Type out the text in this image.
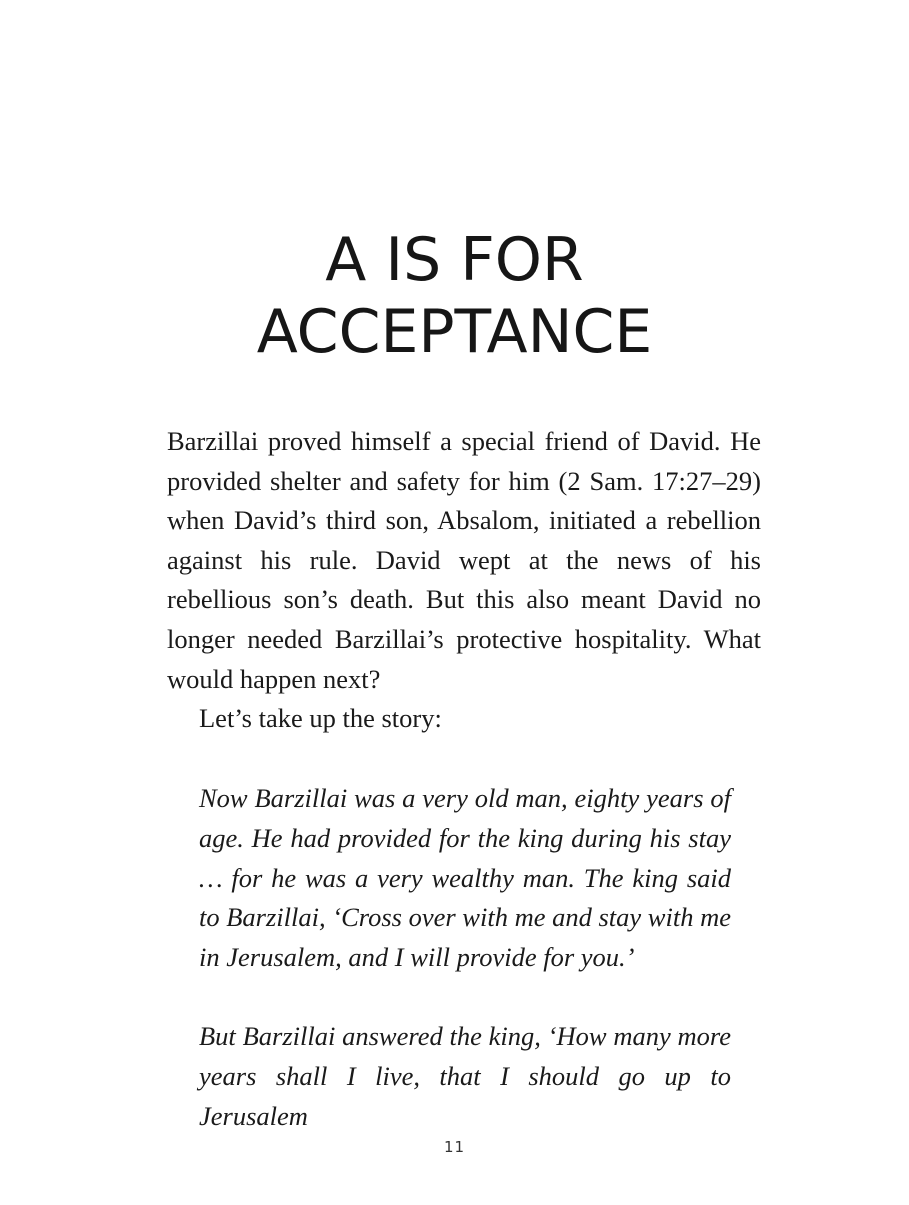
A IS FOR
ACCEPTANCE

Barzillai proved himself a special friend of David. He provided shelter and safety for him (2 Sam. 17:27–29) when David’s third son, Absalom, initiated a rebellion against his rule. David wept at the news of his rebellious son’s death. But this also meant David no longer needed Barzillai’s protective hospitality. What would happen next?

Let’s take up the story:

Now Barzillai was a very old man, eighty years of age. He had provided for the king during his stay … for he was a very wealthy man. The king said to Barzillai, ‘Cross over with me and stay with me in Jerusalem, and I will provide for you.’

But Barzillai answered the king, ‘How many more years shall I live, that I should go up to Jerusalem

11
